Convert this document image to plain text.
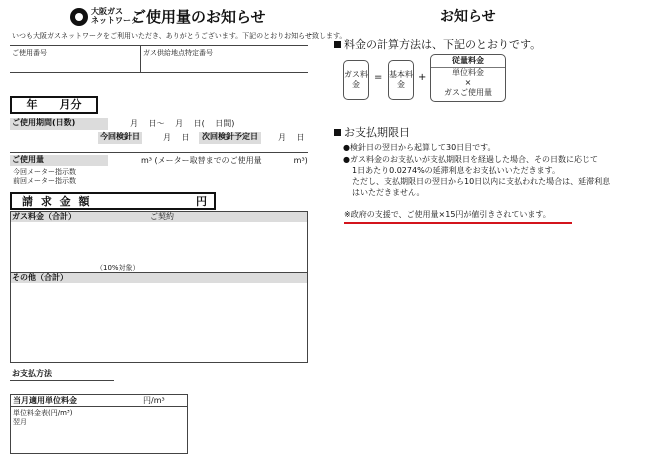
大阪ガス
ネットワーク
ご使用量のお知らせ
いつも大阪ガスネットワークをご利用いただき、ありがとうございます。下記のとおりお知らせ致します。
ご使用番号	ガス供給地点特定番号
年　　月分
ご使用期間(日数)	月　 日〜　 月　 日(　 日間)
今回検針日	月　 日	次回検針予定日	月　 日
ご使用量	m³ (メーター取替までのご使用量　　　　m³)
今回メーター指示数
前回メーター指示数
請 求 金 額	円
ガス料金（合計）	ご契約
（10%対象）
その他（合計）
お支払方法
当月適用単位料金	円/m³
単位料金表(円/m³)
翌月
お知らせ
料金の計算方法は、下記のとおりです。
ガス料金
= 基本料金
+
従量料金
単位料金
×
ガスご使用量
お支払期限日
●検針日の翌日から起算して30日目です。
●ガス料金のお支払いが支払期限日を経過した場合、その日数に応じて
1日あたり0.0274%の延滞利息をお支払いいただきます。
ただし、支払期限日の翌日から10日以内に支払われた場合は、延滞利息
はいただきません。
※政府の支援で、ご使用量×15円が値引きされています。
